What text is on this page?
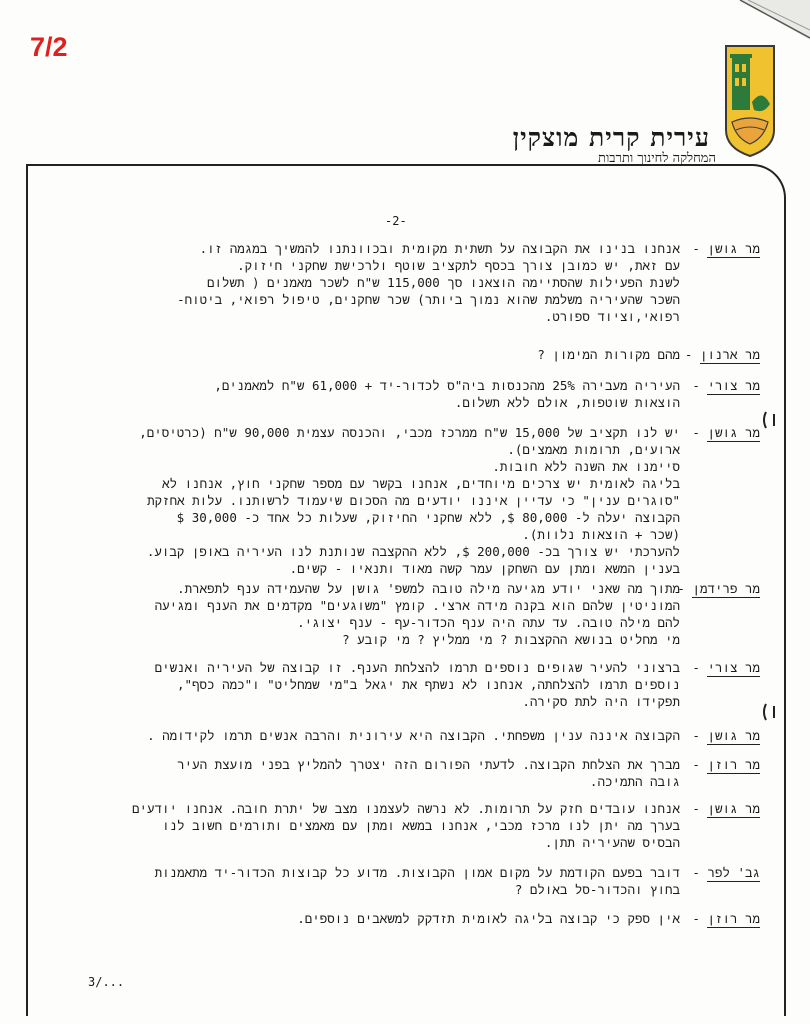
7/2
עירית קרית מוצקין
המחלקה לחינוך ותרבות
-2-
מר גושן -
אנחנו בנינו את הקבוצה על תשתית מקומית ובכוונתנו להמשיך במגמה זו.
עם זאת, יש כמובן צורך בכסף לתקציב שוטף ולרכישת שחקני חיזוק.
לשנת הפעילות שהסתיימה הוצאנו סך 115,000 ש"ח לשכר מאמנים ( תשלום
השכר שהעיריה משלמת שהוא נמוך ביותר) שכר שחקנים, טיפול רפואי, ביטוח-
רפואי,וציוד ספורט.
מר ארנון -
מהם מקורות המימון ?
מר צורי -
העיריה מעבירה 25% מהכנסות ביה"ס לכדור-יד + 61,000 ש"ח למאמנים,
הוצאות שוטפות, אולם ללא תשלום.
מר גושן -
יש לנו תקציב של 15,000 ש"ח ממרכז מכבי, והכנסה עצמית 90,000 ש"ח (כרטיסים,
ארועים, תרומות מאמצים).
סיימנו את השנה ללא חובות.
בליגה לאומית יש צרכים מיוחדים, אנחנו בקשר עם מספר שחקני חוץ, אנחנו לא
"סוגרים ענין" כי עדיין איננו יודעים מה הסכום שיעמוד לרשותנו. עלות אחזקת
הקבוצה יעלה ל- 80,000 $, ללא שחקני החיזוק, שעלות כל אחד כ- 30,000 $
(שכר + הוצאות נלוות).
להערכתי יש צורך בכ- 200,000 $, ללא ההקצבה שנותנת לנו העיריה באופן קבוע.
בענין המשא ומתן עם השחקן עמר קשה מאוד ותנאיו - קשים.
מר פרידמן -
מתוך מה שאני יודע מגיעה מילה טובה למשפ' גושן על שהעמידה ענף לתפארת.
המוניטין שלהם הוא בקנה מידה ארצי. קומץ "משוגעים" מקדמים את הענף ומגיעה
להם מילה טובה. עד עתה היה ענף הכדור-עף - ענף יצוגי.
מי מחליט בנושא ההקצבות ? מי ממליץ ? מי קובע ?
מר צורי -
ברצוני להעיר שגופים נוספים תרמו להצלחת הענף. זו קבוצה של העיריה ואנשים
נוספים תרמו להצלחתה, אנחנו לא נשתף את יגאל ב"מי שמחליט" ו"כמה כסף",
תפקידו היה לתת סקירה.
מר גושן -
הקבוצה איננה ענין משפחתי. הקבוצה היא עירונית והרבה אנשים תרמו לקידומה .
מר רוזן -
מברך את הצלחת הקבוצה. לדעתי הפורום הזה יצטרך להמליץ בפני מועצת העיר
גובה התמיכה.
מר גושן -
אנחנו עובדים חזק על תרומות. לא נרשה לעצמנו מצב של יתרת חובה. אנחנו יודעים
בערך מה יתן לנו מרכז מכבי, אנחנו במשא ומתן עם מאמצים ותורמים חשוב לנו
הבסיס שהעיריה תתן.
גב' לפר -
דובר בפעם הקודמת על מקום אמון הקבוצות. מדוע כל קבוצות הכדור-יד מתאמנות
בחוץ והכדור-סל באולם ?
מר רוזן -
אין ספק כי קבוצה בליגה לאומית תזדקק למשאבים נוספים.
3/...
